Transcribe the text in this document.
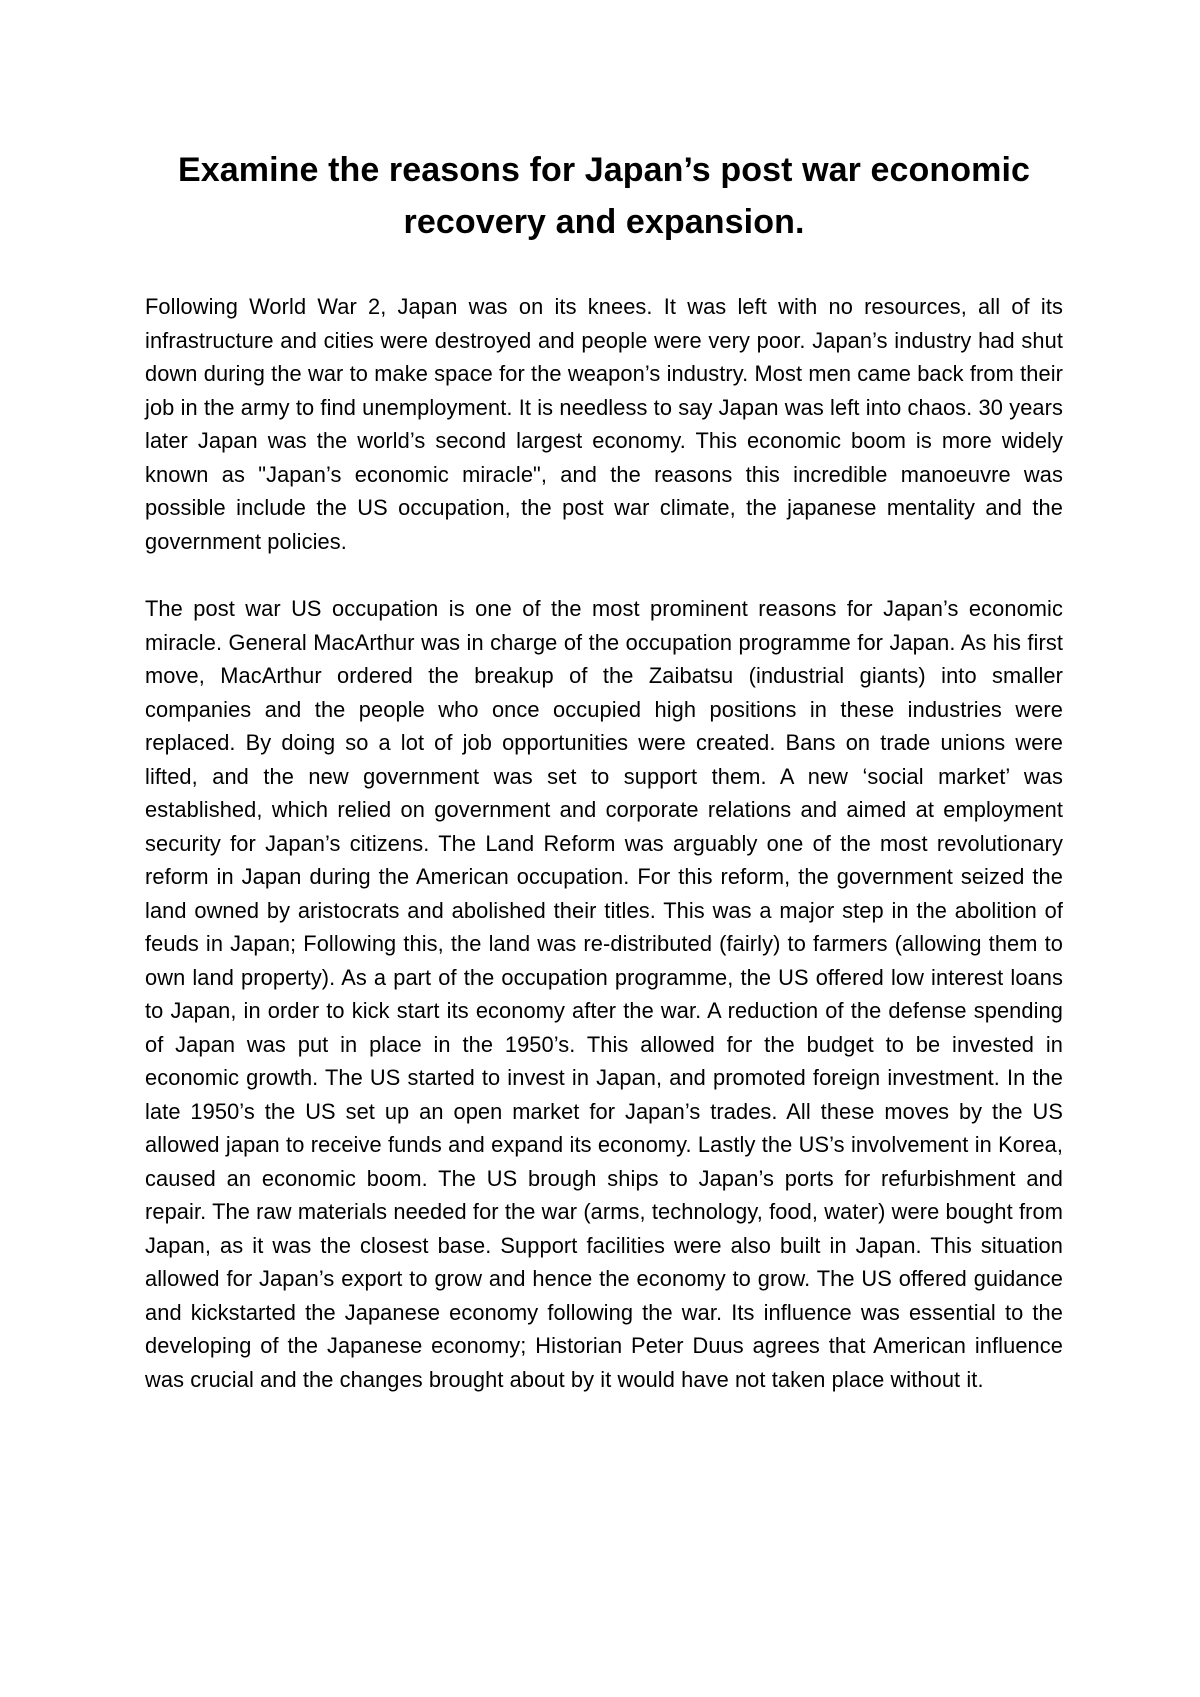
Examine the reasons for Japan’s post war economic recovery and expansion.

Following World War 2, Japan was on its knees. It was left with no resources, all of its infrastructure and cities were destroyed and people were very poor. Japan’s industry had shut down during the war to make space for the weapon’s industry. Most men came back from their job in the army to find unemployment. It is needless to say Japan was left into chaos. 30 years later Japan was the world’s second largest economy. This economic boom is more widely known as "Japan’s economic miracle", and the reasons this incredible manoeuvre was possible include the US occupation, the post war climate, the japanese mentality and the government policies.

The post war US occupation is one of the most prominent reasons for Japan’s economic miracle. General MacArthur was in charge of the occupation programme for Japan. As his first move, MacArthur ordered the breakup of the Zaibatsu (industrial giants) into smaller companies and the people who once occupied high positions in these industries were replaced. By doing so a lot of job opportunities were created. Bans on trade unions were lifted, and the new government was set to support them. A new ‘social market’ was established, which relied on government and corporate relations and aimed at employment security for Japan’s citizens. The Land Reform was arguably one of the most revolutionary reform in Japan during the American occupation. For this reform, the government seized the land owned by aristocrats and abolished their titles. This was a major step in the abolition of feuds in Japan; Following this, the land was re-distributed (fairly) to farmers (allowing them to own land property). As a part of the occupation programme, the US offered low interest loans to Japan, in order to kick start its economy after the war. A reduction of the defense spending of Japan was put in place in the 1950’s. This allowed for the budget to be invested in economic growth. The US started to invest in Japan, and promoted foreign investment. In the late 1950’s the US set up an open market for Japan’s trades. All these moves by the US allowed japan to receive funds and expand its economy. Lastly the US’s involvement in Korea, caused an economic boom. The US brough ships to Japan’s ports for refurbishment and repair. The raw materials needed for the war (arms, technology, food, water) were bought from Japan, as it was the closest base. Support facilities were also built in Japan. This situation allowed for Japan’s export to grow and hence the economy to grow. The US offered guidance and kickstarted the Japanese economy following the war. Its influence was essential to the developing of the Japanese economy; Historian Peter Duus agrees that American influence was crucial and the changes brought about by it would have not taken place without it.
